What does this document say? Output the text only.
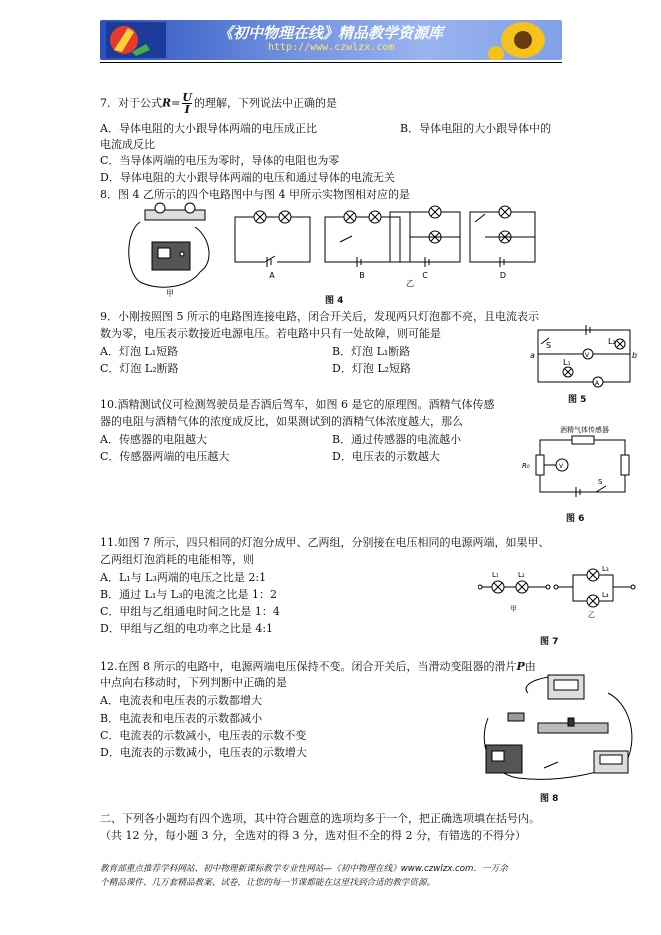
《初中物理在线》精品教学资源库
http://www.czwlzx.com
7．对于公式R= U
I 的理解，下列说法中正确的是
A．导体电阻的大小跟导体两端的电压成正比	B．导体电阻的大小跟导体中的
电流成反比
C．当导体两端的电压为零时，导体的电阻也为零
D．导体电阻的大小跟导体两端的电压和通过导体的电流无关
8．图 4 乙所示的四个电路图中与图 4 甲所示实物图相对应的是
甲
A	B	C	D
乙
图 4
9．小刚按照图 5 所示的电路图连接电路，闭合开关后，发现两只灯泡都不亮，且电流表示
数为零，电压表示数接近电源电压。若电路中只有一处故障，则可能是
A．灯泡 L₁短路	B．灯泡 L₁断路
C．灯泡 L₂断路	D．灯泡 L₂短路
S	L₂
L₁
V
A
a	b
图 5
10.酒精测试仪可检测驾驶员是否酒后驾车，如图 6 是它的原理图。酒精气体传感
器的电阻与酒精气体的浓度成反比，如果测试到的酒精气体浓度越大，那么
A．传感器的电阻越大	B．通过传感器的电流越小
C．传感器两端的电压越大	D．电压表的示数越大
酒精气体传感器
R₀	V
S
图 6
11.如图 7 所示，四只相同的灯泡分成甲、乙两组，分别接在电压相同的电源两端，如果甲、
乙两组灯泡消耗的电能相等，则
A．L₁与 L₃两端的电压之比是 2:1
B．通过 L₁与 L₃的电流之比是 1：2
C．甲组与乙组通电时间之比是 1：4
D．甲组与乙组的电功率之比是 4:1
L₁	L₂
L₃
L₄
甲
乙
图 7
12.在图 8 所示的电路中，电源两端电压保持不变。闭合开关后，当滑动变阻器的滑片P由
中点向右移动时，下列判断中正确的是
A．电流表和电压表的示数都增大
B．电流表和电压表的示数都减小
C．电流表的示数减小，电压表的示数不变
D．电流表的示数减小，电压表的示数增大
图 8
二、下列各小题均有四个选项，其中符合题意的选项均多于一个，把正确选项填在括号内。
（共 12 分，每小题 3 分，全选对的得 3 分，选对但不全的得 2 分，有错选的不得分）
教育部重点推荐学科网站、初中物理新课标教学专业性网站—《初中物理在线》www.czwlzx.com．一万余
个精品课件、几万套精品教案、试卷，让您的每一节课都能在这里找到合适的教学资源。
